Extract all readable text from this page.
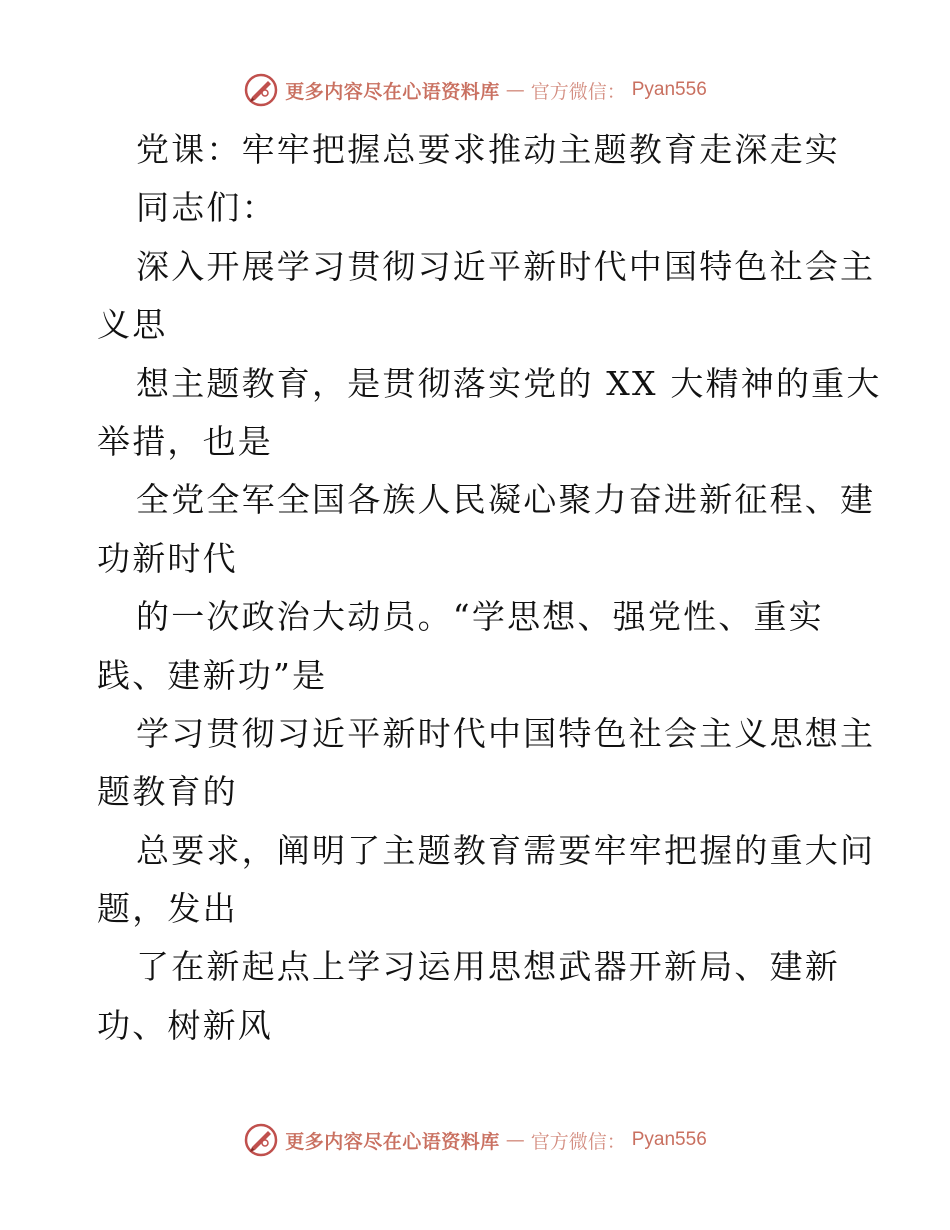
更多内容尽在心语资料库 — 官方微信： Pyan556
党课：牢牢把握总要求推动主题教育走深走实
同志们：
深入开展学习贯彻习近平新时代中国特色社会主
义思
想主题教育，是贯彻落实党的 XX 大精神的重大
举措，也是
全党全军全国各族人民凝心聚力奋进新征程、建
功新时代
的一次政治大动员。“学思想、强党性、重实
践、建新功”是
学习贯彻习近平新时代中国特色社会主义思想主
题教育的
总要求，阐明了主题教育需要牢牢把握的重大问
题，发出
了在新起点上学习运用思想武器开新局、建新
功、树新风
更多内容尽在心语资料库 — 官方微信： Pyan556
